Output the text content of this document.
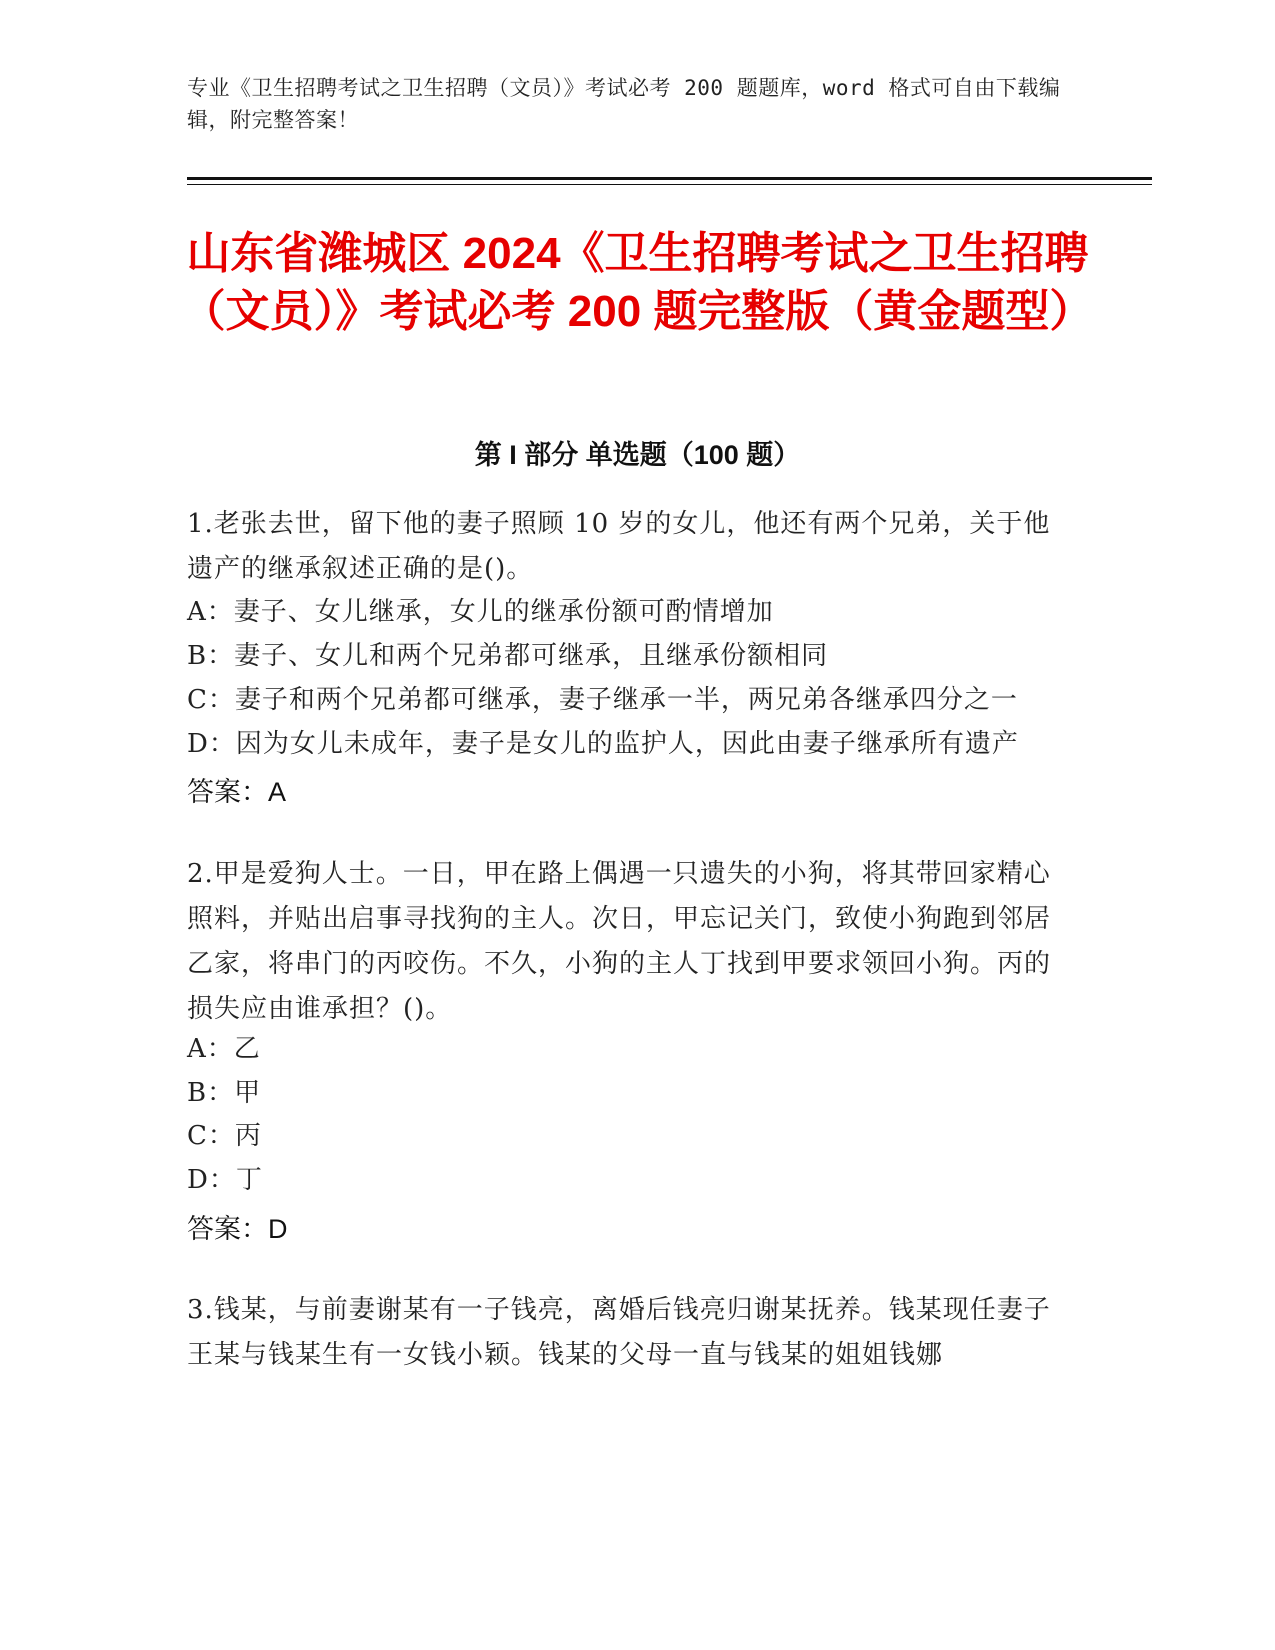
专业《卫生招聘考试之卫生招聘（文员）》考试必考 200 题题库，word 格式可自由下载编辑，附完整答案！
山东省潍城区 2024《卫生招聘考试之卫生招聘（文员）》考试必考 200 题完整版（黄金题型）
第 I 部分 单选题（100 题）
1.老张去世，留下他的妻子照顾 10 岁的女儿，他还有两个兄弟，关于他遗产的继承叙述正确的是()。
A：妻子、女儿继承，女儿的继承份额可酌情增加
B：妻子、女儿和两个兄弟都可继承，且继承份额相同
C：妻子和两个兄弟都可继承，妻子继承一半，两兄弟各继承四分之一
D：因为女儿未成年，妻子是女儿的监护人，因此由妻子继承所有遗产
答案：A
2.甲是爱狗人士。一日，甲在路上偶遇一只遗失的小狗，将其带回家精心照料，并贴出启事寻找狗的主人。次日，甲忘记关门，致使小狗跑到邻居乙家，将串门的丙咬伤。不久，小狗的主人丁找到甲要求领回小狗。丙的损失应由谁承担？()。
A：乙
B：甲
C：丙
D：丁
答案：D
3.钱某，与前妻谢某有一子钱亮，离婚后钱亮归谢某抚养。钱某现任妻子王某与钱某生有一女钱小颖。钱某的父母一直与钱某的姐姐钱娜
